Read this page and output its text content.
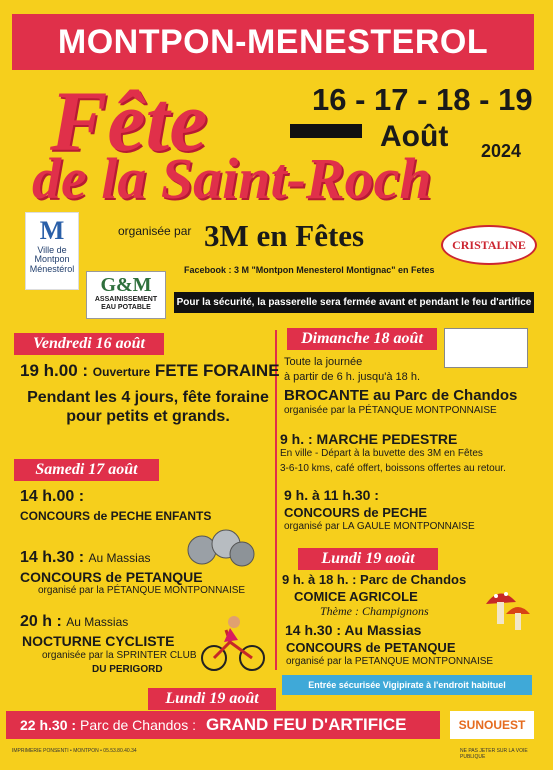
MONTPON-MENESTEROL
Fête
de la Saint-Roch
16 - 17 - 18 - 19
Août 2024
M
Ville de
Montpon
Ménestérol
organisée par 3M en Fêtes
Facebook : 3 M "Montpon Menesterol Montignac" en Fetes
CRISTALINE
G&M
ASSAINISSEMENT EAU POTABLE	Pour la sécurité, la passerelle sera fermée avant et pendant le feu d'artifice
Vendredi 16 août
19 h.00 : Ouverture FETE FORAINE
Pendant les 4 jours, fête foraine pour petits et grands.
Samedi 17 août
14 h.00 :
CONCOURS de PECHE ENFANTS
14 h.30 : Au Massias
CONCOURS de PETANQUE
organisé par la PÉTANQUE MONTPONNAISE
20 h : Au Massias
NOCTURNE CYCLISTE
organisée par la SPRINTER CLUB
DU PERIGORD
Dimanche 18 août
Toute la journée
à partir de 6 h. jusqu'à 18 h.
BROCANTE au Parc de Chandos
organisée par la PÉTANQUE MONTPONNAISE
9 h. : MARCHE PEDESTRE
En ville - Départ à la buvette des 3M en Fêtes
3-6-10 kms, café offert, boissons offertes au retour.
9 h. à 11 h.30 :
CONCOURS de PECHE
organisé par LA GAULE MONTPONNAISE
Lundi 19 août
9 h. à 18 h. : Parc de Chandos
COMICE AGRICOLE
Thème : Champignons
14 h.30 : Au Massias
CONCOURS de PETANQUE
organisé par la PETANQUE MONTPONNAISE
Entrée sécurisée Vigipirate à l'endroit habituel
Lundi 19 août
22 h.30 : Parc de Chandos : GRAND FEU D'ARTIFICE	SUNOUEST
IMPRIMERIE PONSENTI • MONTPON • 05.53.80.40.34	NE PAS JETER SUR LA VOIE PUBLIQUE
